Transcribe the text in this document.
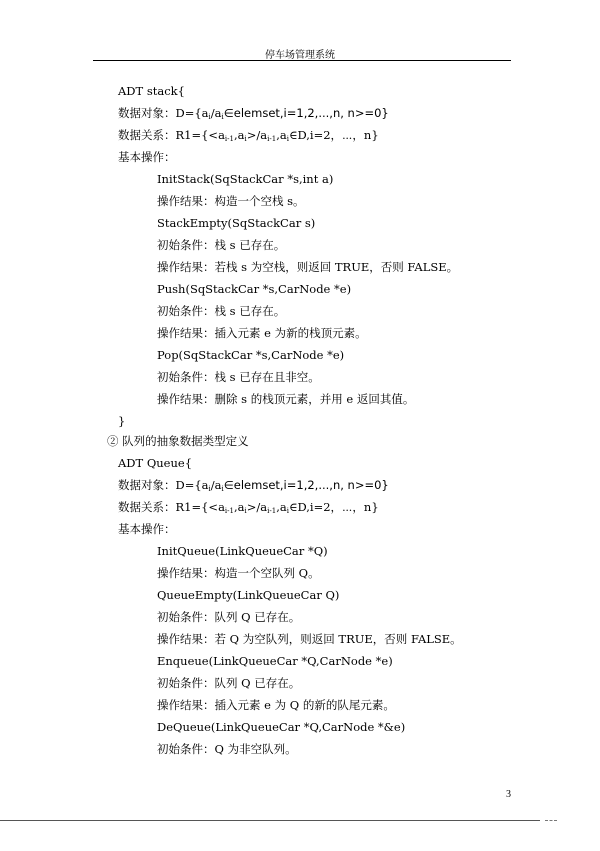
停车场管理系统
ADT stack{
数据对象：$D=\{a_i/a_i\in elemset,i=1,2,...,n$, n>=0}
数据关系：$R1=\{<a_{i-1},a_i>/a_{i-1},a_i\in D,i=2$，⋯，n}
基本操作：
InitStack(SqStackCar *s,int a)
操作结果：构造一个空栈 s。
StackEmpty(SqStackCar s)
初始条件：栈 s 已存在。
操作结果：若栈 s 为空栈，则返回 TRUE，否则 FALSE。
Push(SqStackCar *s,CarNode *e)
初始条件：栈 s 已存在。
操作结果：插入元素 e 为新的栈顶元素。
Pop(SqStackCar *s,CarNode *e)
初始条件：栈 s 已存在且非空。
操作结果：删除 s 的栈顶元素，并用 e 返回其值。
}
② 队列的抽象数据类型定义
ADT Queue{
数据对象：$D=\{a_i/a_i\in elemset,i=1,2,...,n$, n>=0}
数据关系：$R1=\{<a_{i-1},a_i>/a_{i-1},a_i\in D,i=2$，⋯，n}
基本操作：
InitQueue(LinkQueueCar *Q)
操作结果：构造一个空队列 Q。
QueueEmpty(LinkQueueCar Q)
初始条件：队列 Q 已存在。
操作结果：若 Q 为空队列，则返回 TRUE，否则 FALSE。
Enqueue(LinkQueueCar *Q,CarNode *e)
初始条件：队列 Q 已存在。
操作结果：插入元素 e 为 Q 的新的队尾元素。
DeQueue(LinkQueueCar *Q,CarNode *&e)
初始条件：Q 为非空队列。
3
